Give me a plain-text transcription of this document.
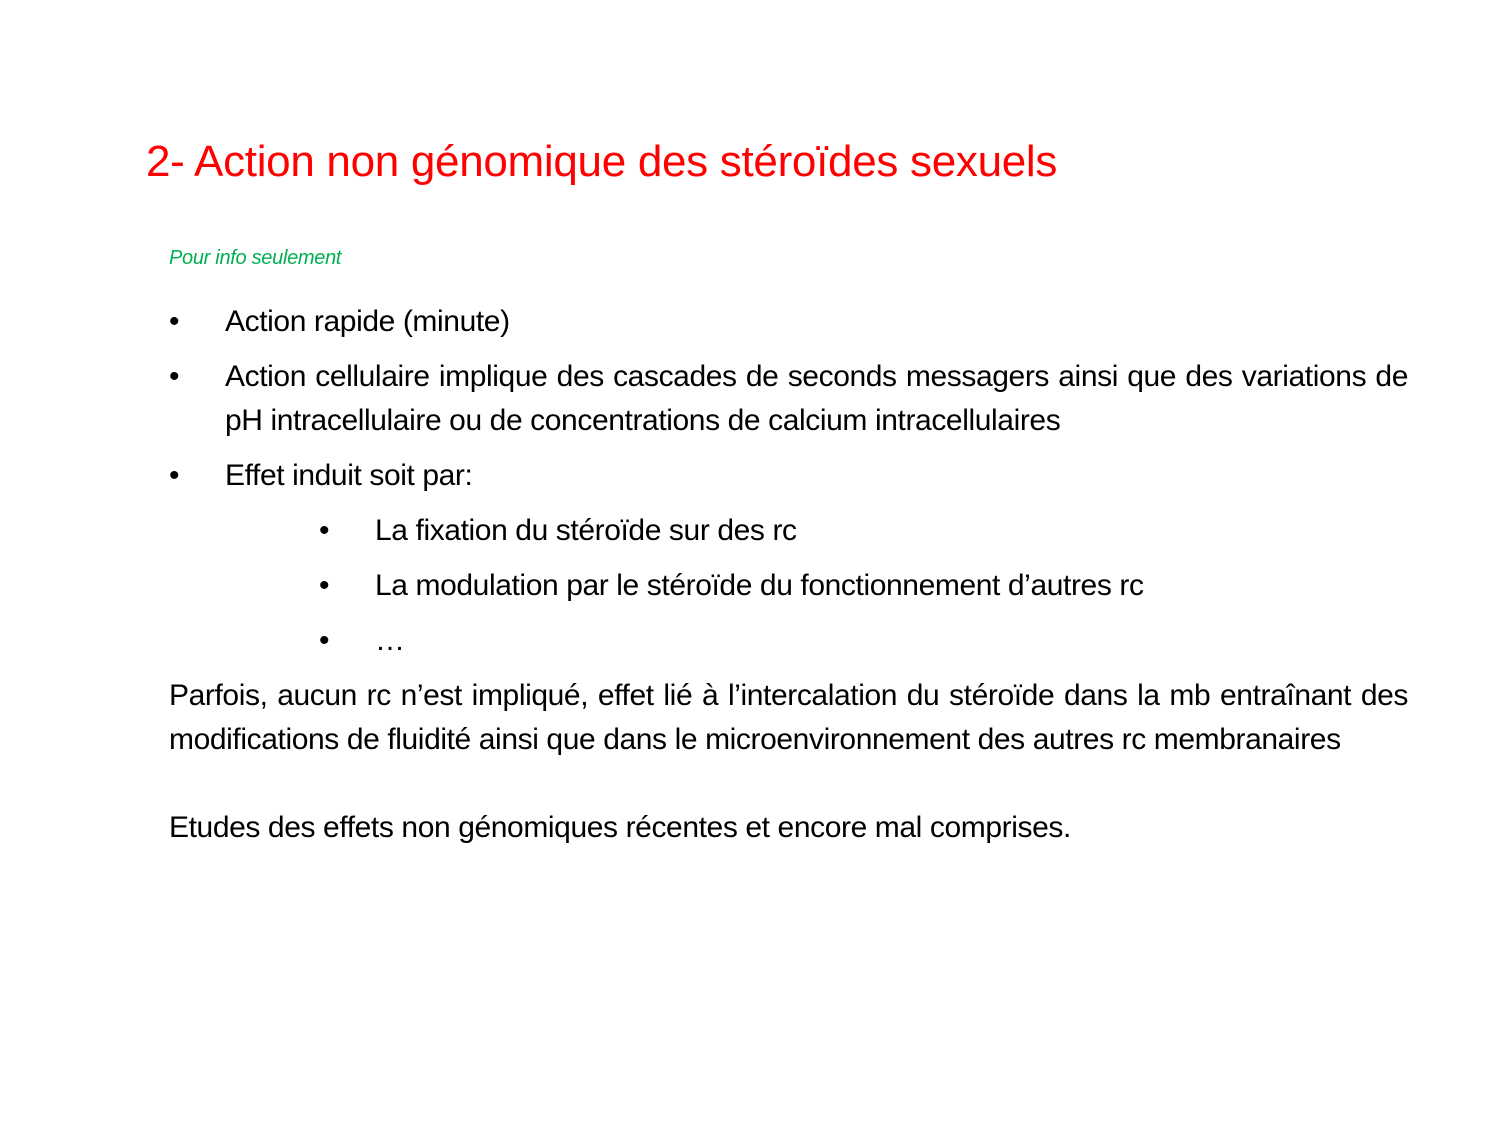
2- Action non génomique des stéroïdes sexuels
Pour info seulement
•	Action rapide (minute)
•	Action cellulaire implique des cascades de seconds messagers ainsi que des variations de pH intracellulaire ou de concentrations de calcium intracellulaires
•	Effet induit soit par:
• La fixation du stéroïde sur des rc
• La modulation par le stéroïde du fonctionnement d’autres rc
• …
Parfois, aucun rc n’est impliqué, effet lié à l’intercalation du stéroïde dans la mb entraînant des modifications de fluidité ainsi que dans le microenvironnement des autres rc membranaires
Etudes des effets non génomiques récentes et encore mal comprises.
